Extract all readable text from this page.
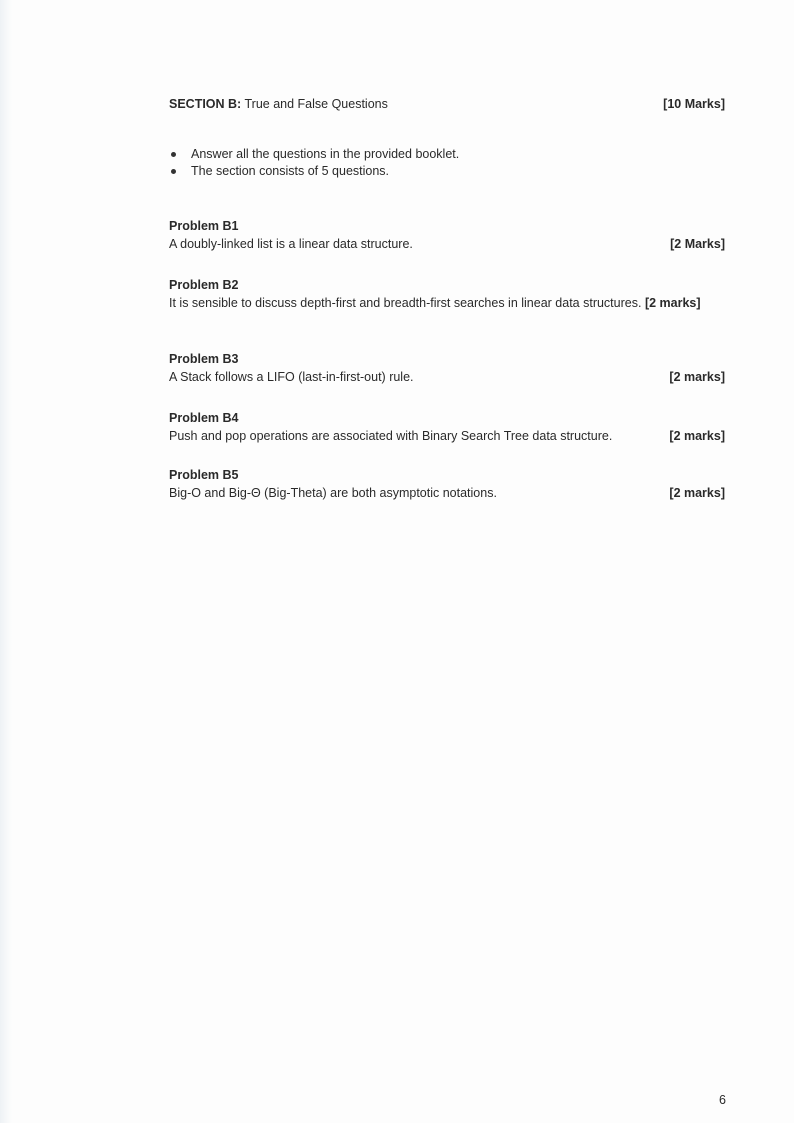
SECTION B: True and False Questions	[10 Marks]
Answer all the questions in the provided booklet.
The section consists of 5 questions.
Problem B1
A doubly-linked list is a linear data structure.	[2 Marks]
Problem B2
It is sensible to discuss depth-first and breadth-first searches in linear data structures. [2 marks]
Problem B3
A Stack follows a LIFO (last-in-first-out) rule.	[2 marks]
Problem B4
Push and pop operations are associated with Binary Search Tree data structure.	[2 marks]
Problem B5
Big-O and Big-Θ (Big-Theta) are both asymptotic notations.	[2 marks]
6
